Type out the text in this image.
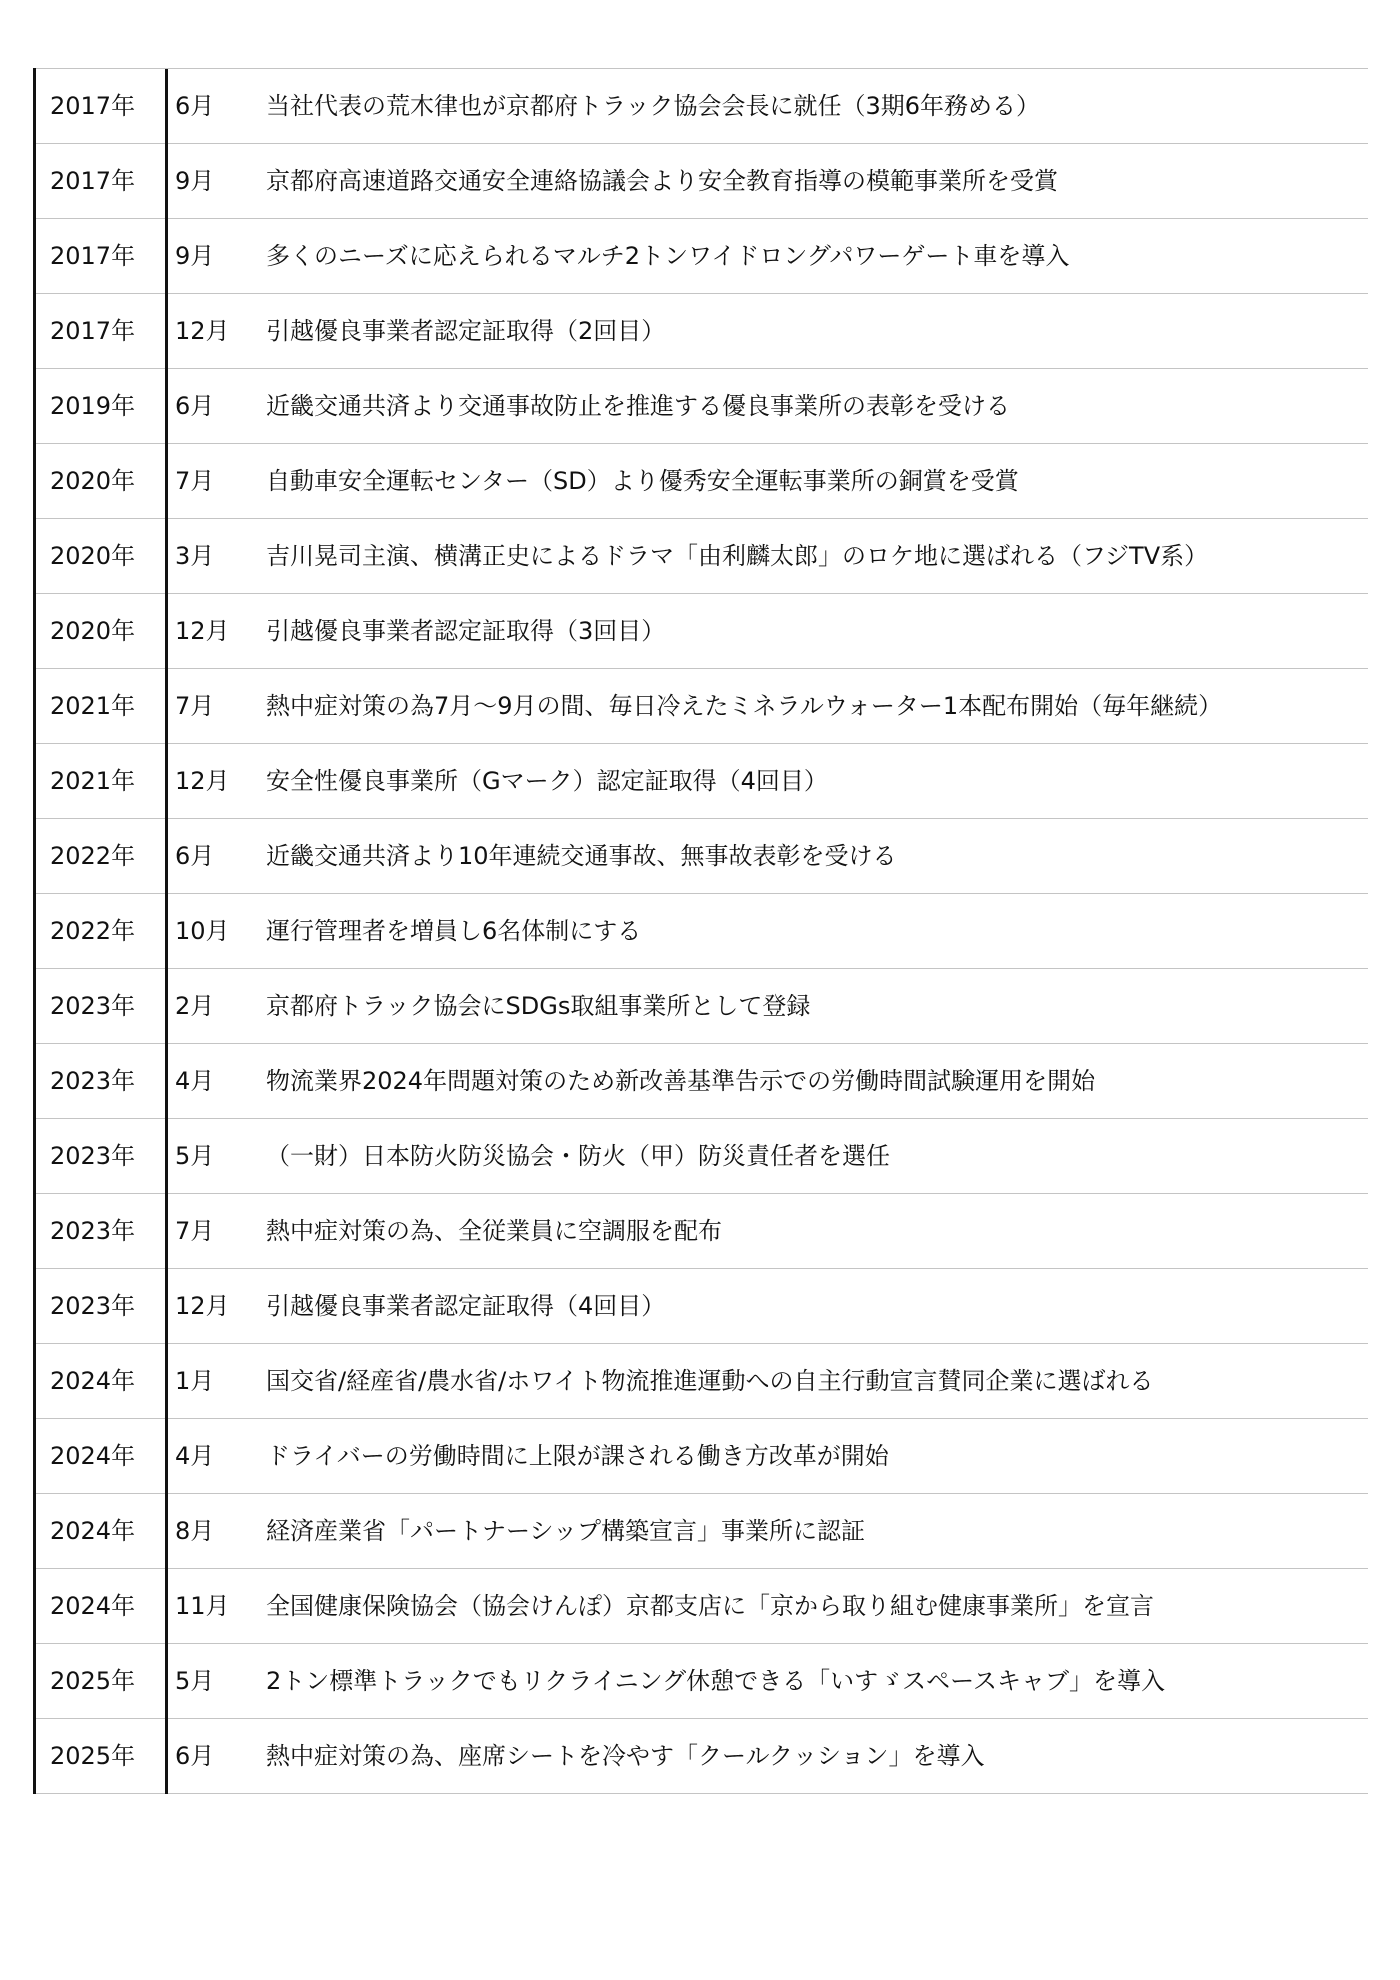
2017年 6月 当社代表の荒木律也が京都府トラック協会会長に就任（3期6年務める）
2017年 9月 京都府高速道路交通安全連絡協議会より安全教育指導の模範事業所を受賞
2017年 9月 多くのニーズに応えられるマルチ2トンワイドロングパワーゲート車を導入
2017年 12月 引越優良事業者認定証取得（2回目）
2019年 6月 近畿交通共済より交通事故防止を推進する優良事業所の表彰を受ける
2020年 7月 自動車安全運転センター（SD）より優秀安全運転事業所の銅賞を受賞
2020年 3月 吉川晃司主演、横溝正史によるドラマ「由利麟太郎」のロケ地に選ばれる（フジTV系）
2020年 12月 引越優良事業者認定証取得（3回目）
2021年 7月 熱中症対策の為7月～9月の間、毎日冷えたミネラルウォーター1本配布開始（毎年継続）
2021年 12月 安全性優良事業所（Gマーク）認定証取得（4回目）
2022年 6月 近畿交通共済より10年連続交通事故、無事故表彰を受ける
2022年 10月 運行管理者を増員し6名体制にする
2023年 2月 京都府トラック協会にSDGs取組事業所として登録
2023年 4月 物流業界2024年問題対策のため新改善基準告示での労働時間試験運用を開始
2023年 5月 （一財）日本防火防災協会・防火（甲）防災責任者を選任
2023年 7月 熱中症対策の為、全従業員に空調服を配布
2023年 12月 引越優良事業者認定証取得（4回目）
2024年 1月 国交省/経産省/農水省/ホワイト物流推進運動への自主行動宣言賛同企業に選ばれる
2024年 4月 ドライバーの労働時間に上限が課される働き方改革が開始
2024年 8月 経済産業省「パートナーシップ構築宣言」事業所に認証
2024年 11月 全国健康保険協会（協会けんぽ）京都支店に「京から取り組む健康事業所」を宣言
2025年 5月 2トン標準トラックでもリクライニング休憩できる「いすゞスペースキャブ」を導入
2025年 6月 熱中症対策の為、座席シートを冷やす「クールクッション」を導入
